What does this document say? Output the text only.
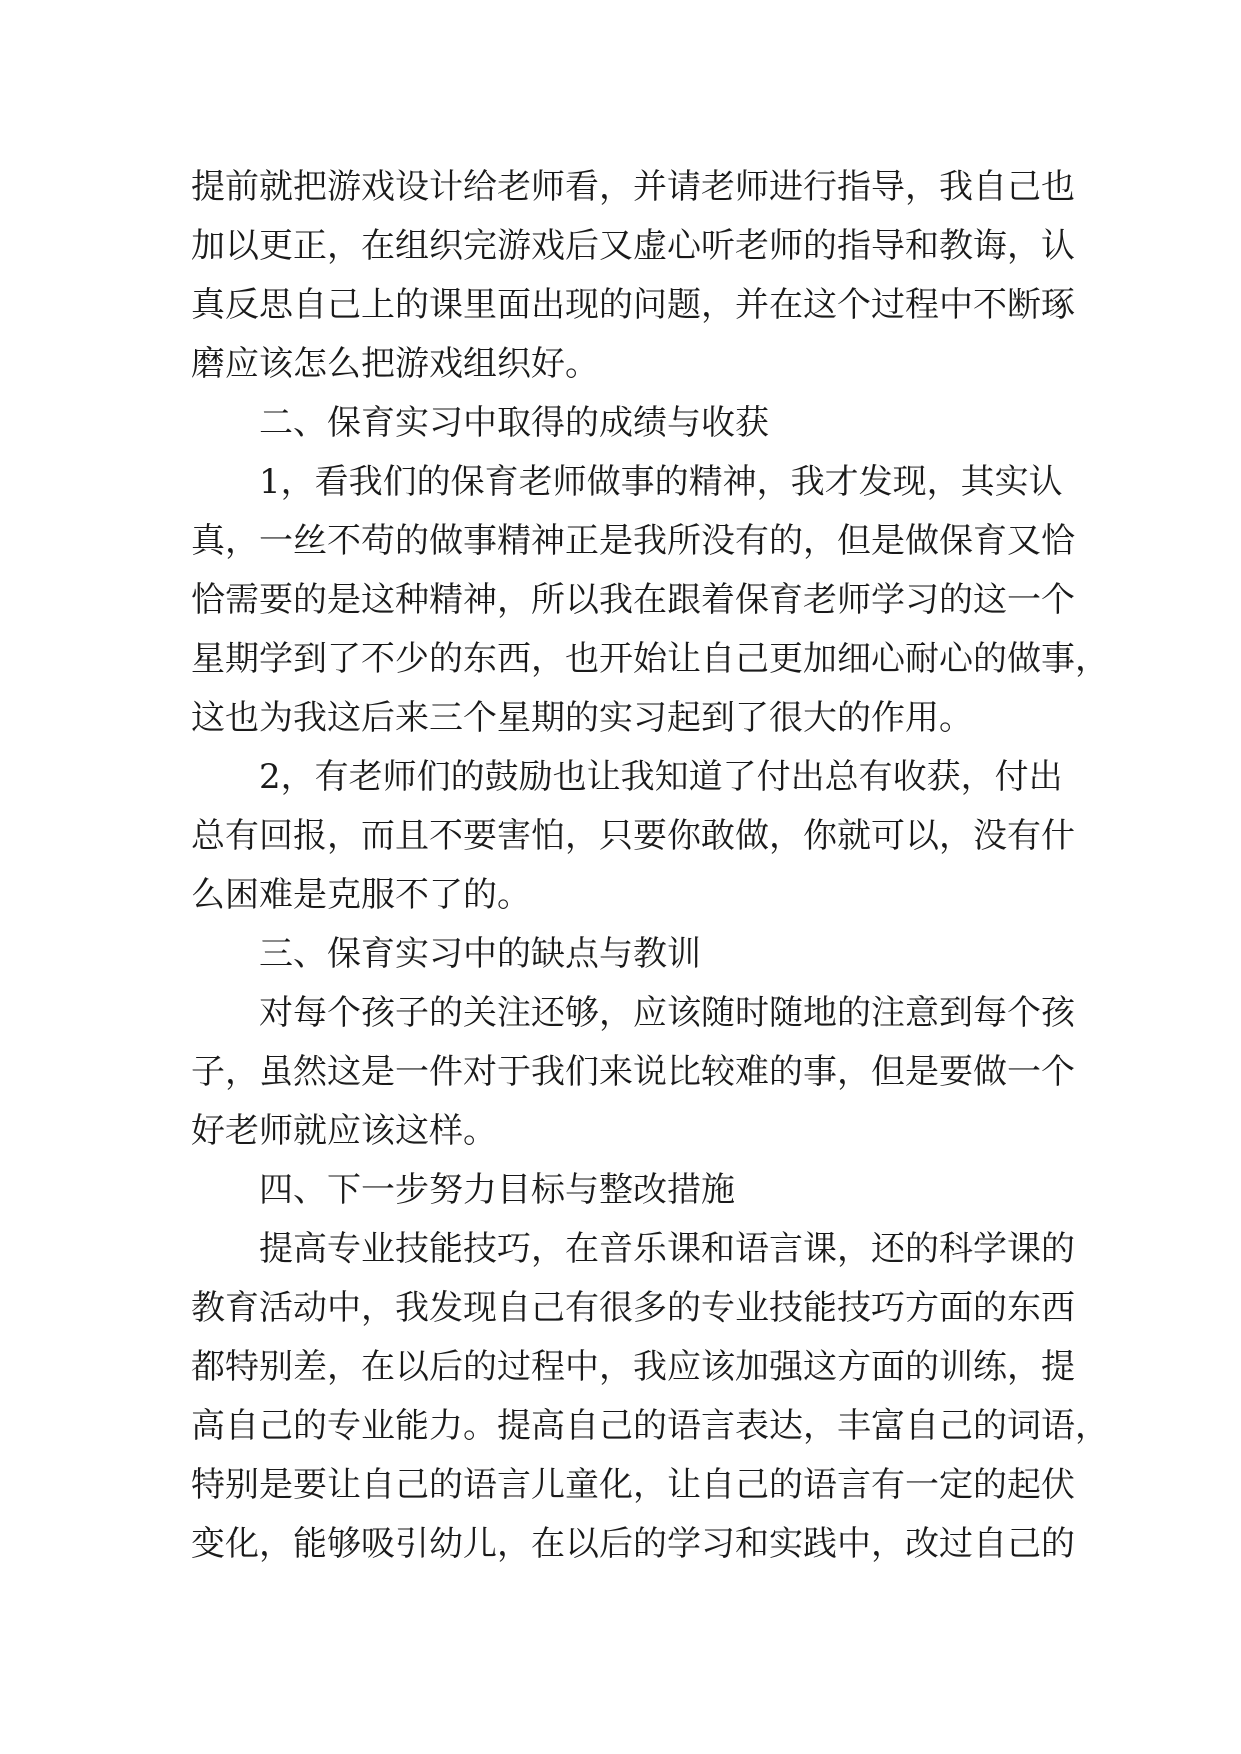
提前就把游戏设计给老师看，并请老师进行指导，我自己也
加以更正，在组织完游戏后又虚心听老师的指导和教诲，认
真反思自己上的课里面出现的问题，并在这个过程中不断琢
磨应该怎么把游戏组织好。
二、保育实习中取得的成绩与收获
1，看我们的保育老师做事的精神，我才发现，其实认
真，一丝不苟的做事精神正是我所没有的，但是做保育又恰
恰需要的是这种精神，所以我在跟着保育老师学习的这一个
星期学到了不少的东西，也开始让自己更加细心耐心的做事，
这也为我这后来三个星期的实习起到了很大的作用。
2，有老师们的鼓励也让我知道了付出总有收获，付出
总有回报，而且不要害怕，只要你敢做，你就可以，没有什
么困难是克服不了的。
三、保育实习中的缺点与教训
对每个孩子的关注还够，应该随时随地的注意到每个孩
子，虽然这是一件对于我们来说比较难的事，但是要做一个
好老师就应该这样。
四、下一步努力目标与整改措施
提高专业技能技巧，在音乐课和语言课，还的科学课的
教育活动中，我发现自己有很多的专业技能技巧方面的东西
都特别差，在以后的过程中，我应该加强这方面的训练，提
高自己的专业能力。提高自己的语言表达，丰富自己的词语，
特别是要让自己的语言儿童化，让自己的语言有一定的起伏
变化，能够吸引幼儿，在以后的学习和实践中，改过自己的
